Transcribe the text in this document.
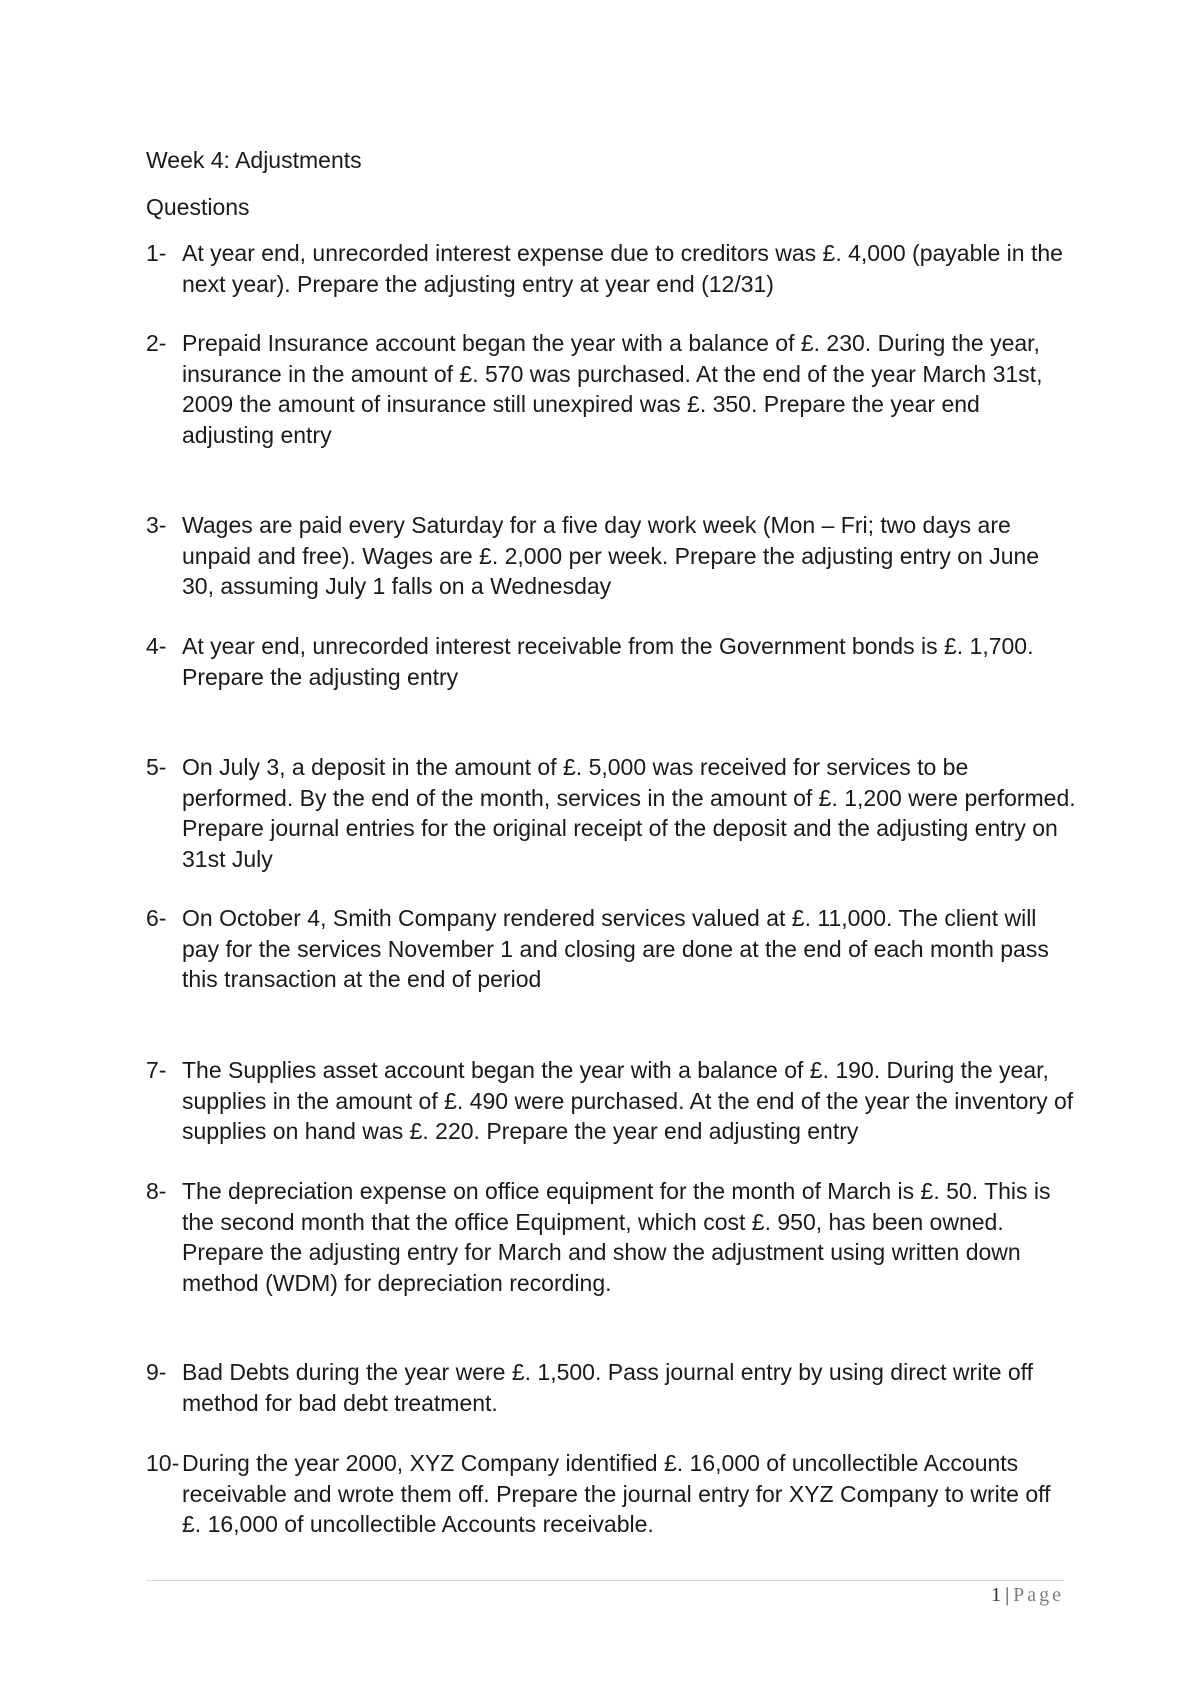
Week 4: Adjustments
Questions
1- At year end, unrecorded interest expense due to creditors was £. 4,000 (payable in the next year). Prepare the adjusting entry at year end (12/31)
2- Prepaid Insurance account began the year with a balance of £. 230. During the year, insurance in the amount of £. 570 was purchased. At the end of the year March 31st, 2009 the amount of insurance still unexpired was £. 350. Prepare the year end adjusting entry
3- Wages are paid every Saturday for a five day work week (Mon – Fri; two days are unpaid and free). Wages are £. 2,000 per week. Prepare the adjusting entry on June 30, assuming July 1 falls on a Wednesday
4- At year end, unrecorded interest receivable from the Government bonds is £. 1,700. Prepare the adjusting entry
5- On July 3, a deposit in the amount of £. 5,000 was received for services to be performed. By the end of the month, services in the amount of £. 1,200 were performed. Prepare journal entries for the original receipt of the deposit and the adjusting entry on 31st July
6- On October 4, Smith Company rendered services valued at £. 11,000. The client will pay for the services November 1 and closing are done at the end of each month pass this transaction at the end of period
7- The Supplies asset account began the year with a balance of £. 190. During the year, supplies in the amount of £. 490 were purchased. At the end of the year the inventory of supplies on hand was £. 220. Prepare the year end adjusting entry
8- The depreciation expense on office equipment for the month of March is £. 50. This is the second month that the office Equipment, which cost £. 950, has been owned. Prepare the adjusting entry for March and show the adjustment using written down method (WDM) for depreciation recording.
9- Bad Debts during the year were £. 1,500. Pass journal entry by using direct write off method for bad debt treatment.
10- During the year 2000, XYZ Company identified £. 16,000 of uncollectible Accounts receivable and wrote them off. Prepare the journal entry for XYZ Company to write off £. 16,000 of uncollectible Accounts receivable.
1 | Page
